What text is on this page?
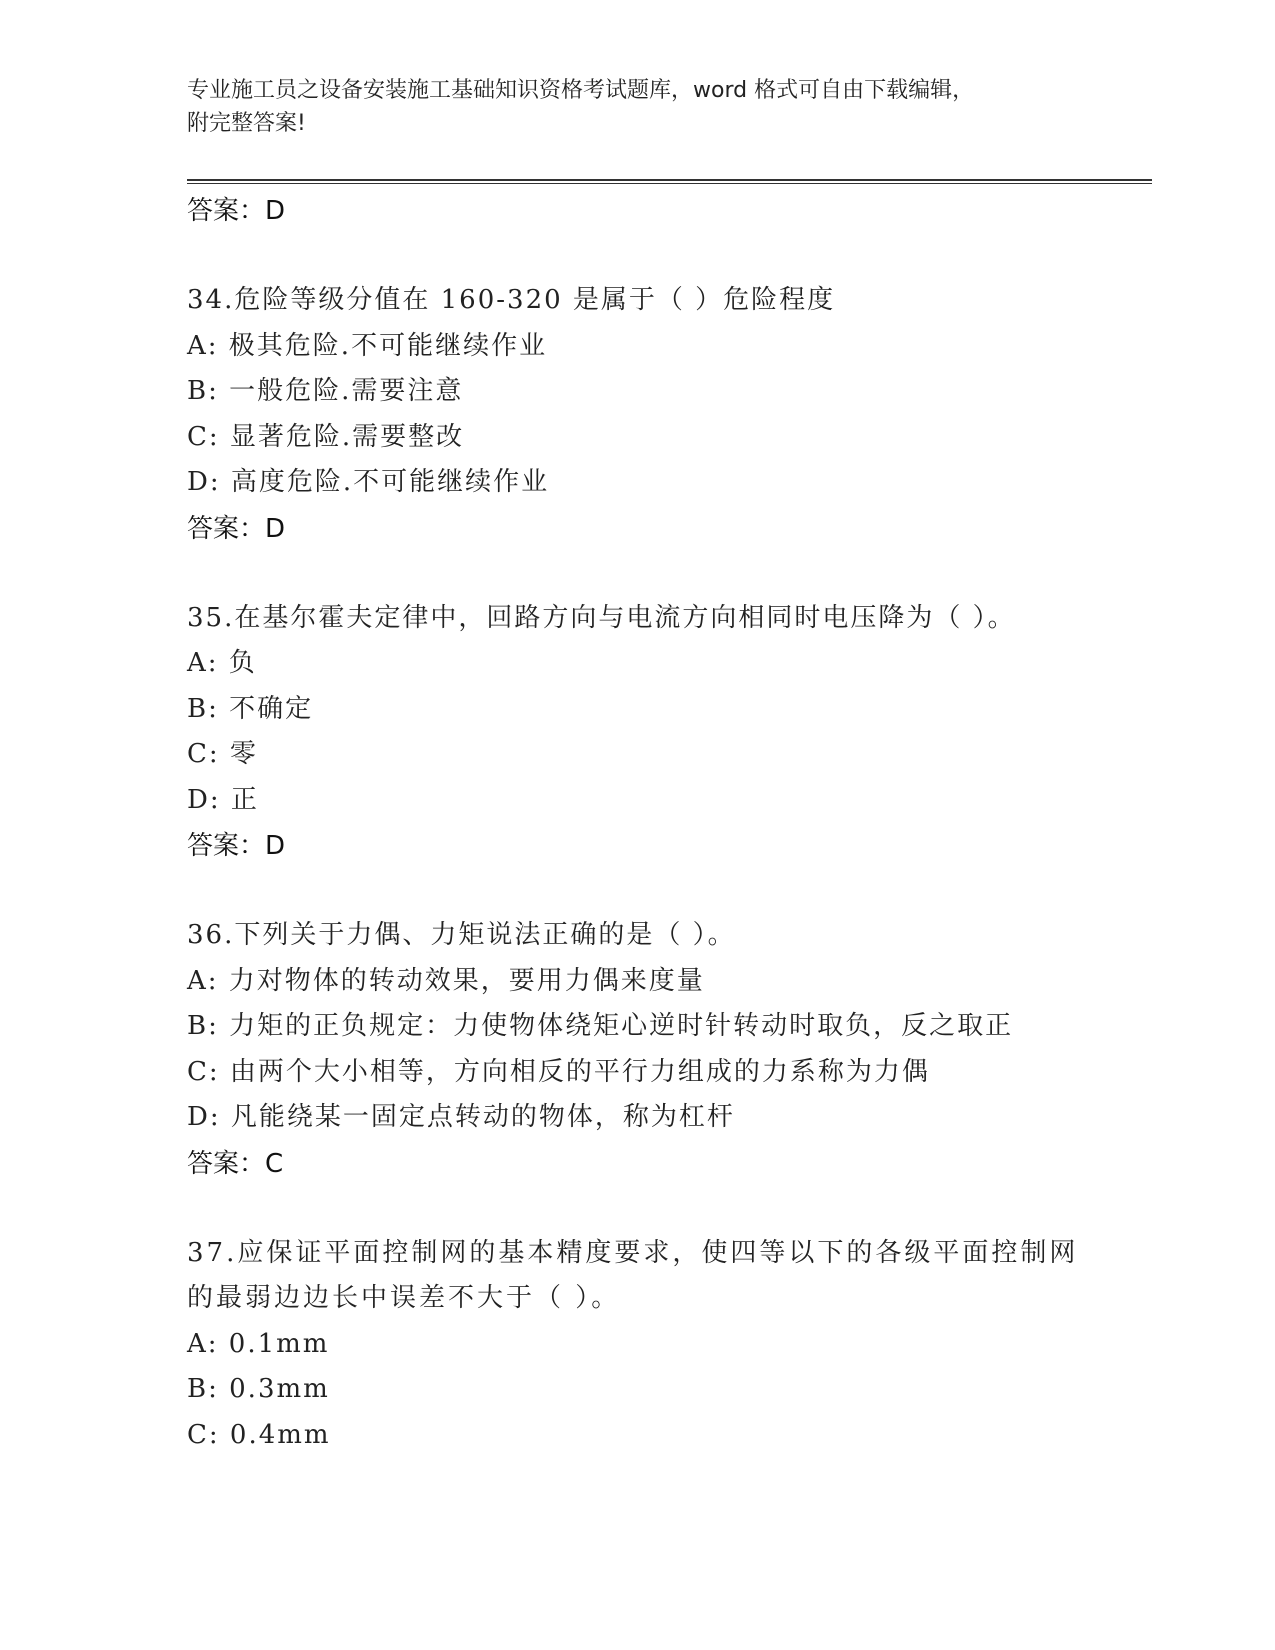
专业施工员之设备安装施工基础知识资格考试题库，word 格式可自由下载编辑，
附完整答案!
答案：D
34.危险等级分值在 160-320 是属于（ ）危险程度
A: 极其危险.不可能继续作业
B: 一般危险.需要注意
C: 显著危险.需要整改
D: 高度危险.不可能继续作业
答案：D
35.在基尔霍夫定律中，回路方向与电流方向相同时电压降为（ ）。
A: 负
B: 不确定
C: 零
D: 正
答案：D
36.下列关于力偶、力矩说法正确的是（ ）。
A: 力对物体的转动效果，要用力偶来度量
B: 力矩的正负规定：力使物体绕矩心逆时针转动时取负，反之取正
C: 由两个大小相等，方向相反的平行力组成的力系称为力偶
D: 凡能绕某一固定点转动的物体，称为杠杆
答案：C
37.应保证平面控制网的基本精度要求，使四等以下的各级平面控制网
的最弱边边长中误差不大于（ ）。
A: 0.1mm
B: 0.3mm
C: 0.4mm
